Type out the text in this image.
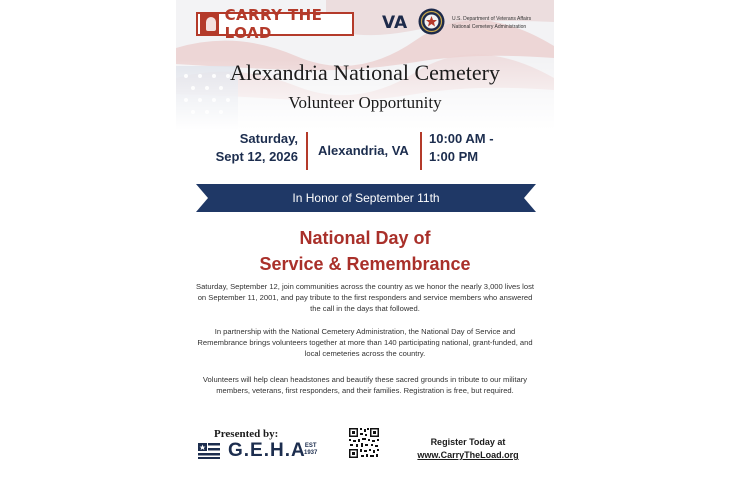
CARRY THE LOAD	VA	U.S. Department of Veterans Affairs
National Cemetery Administration
Alexandria National Cemetery
Volunteer Opportunity
Saturday,
Sept 12, 2026 Alexandria, VA
10:00 AM -
1:00 PM
In Honor of September 11th
National Day of
Service & Remembrance
Saturday, September 12, join communities across the country as we honor the nearly 3,000 lives lost on September 11, 2001, and pay tribute to the first responders and service members who answered the call in the days that followed.
In partnership with the National Cemetery Administration, the National Day of Service and Remembrance brings volunteers together at more than 140 participating national, grant-funded, and local cemeteries across the country.
Volunteers will help clean headstones and beautify these sacred grounds in tribute to our military members, veterans, first responders, and their families. Registration is free, but required.
Presented by:
G.E.H.A EST
1937
Register Today at
www.CarryTheLoad.org
